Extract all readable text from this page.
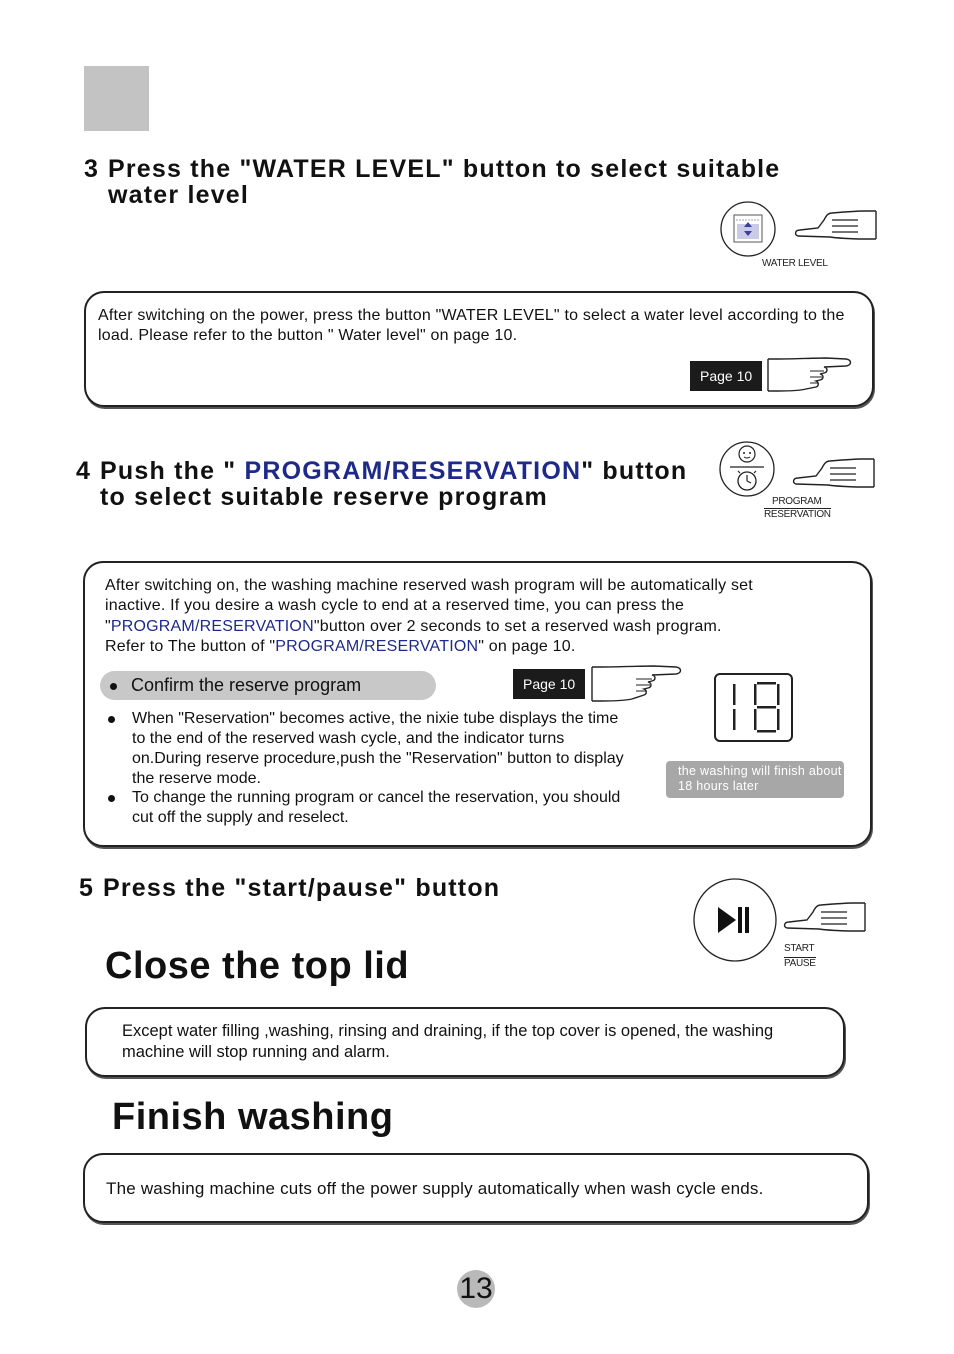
3 Press the "WATER LEVEL" button to select suitable
water level
WATER LEVEL
After switching on the power, press the button "WATER LEVEL" to select a water level according to the load. Please refer to the button " Water level" on page 10.
Page 10
4 Push the " PROGRAM/RESERVATION" button
to select suitable reserve program	PROGRAM
RESERVATION
After switching on, the washing machine reserved wash program will be automatically set
inactive. If you desire a wash cycle to end at a reserved time, you can press the
"PROGRAM/RESERVATION"button over 2 seconds to set a reserved wash program.
Refer to The button of "PROGRAM/RESERVATION" on page 10.
Confirm the reserve program	Page 10
When "Reservation" becomes active, the nixie tube displays the time to the end of the reserved wash cycle, and the indicator turns on.During reserve procedure,push the "Reservation" button to display the reserve mode.
To change the running program or cancel the reservation, you should cut off the supply and reselect.
the washing will finish about 18 hours later
5 Press the "start/pause" button
START
PAUSE
Close the top lid
Except water filling ,washing, rinsing and draining, if the top cover is opened, the washing machine will stop running and alarm.
Finish washing
The washing machine cuts off the power supply automatically when wash cycle ends.
13
